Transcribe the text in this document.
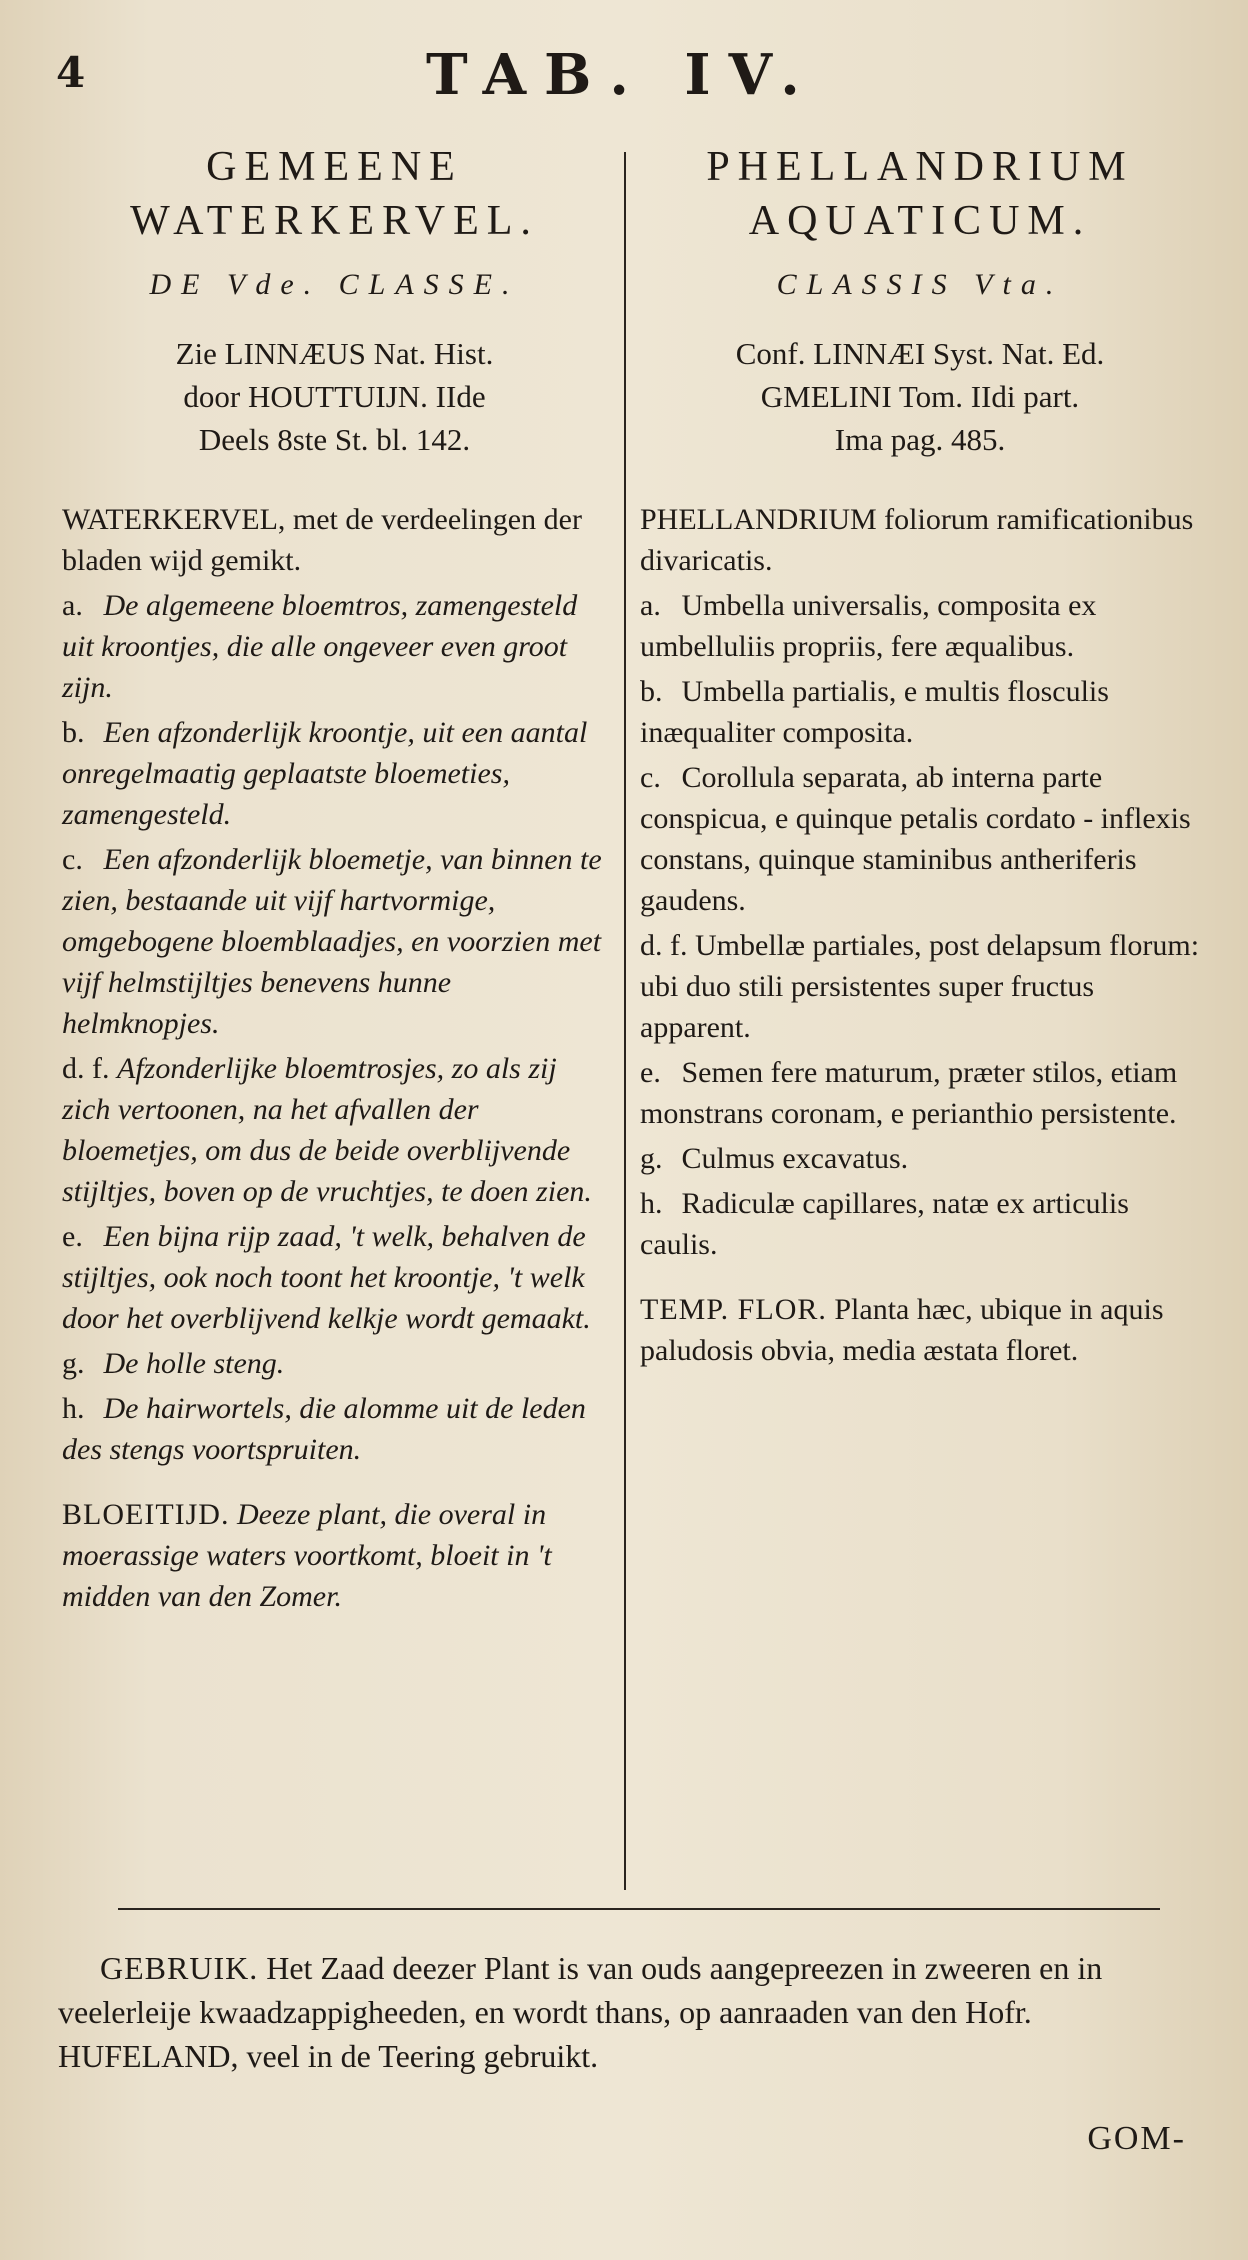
4	TAB. IV.
GEMEENE
WATERKERVEL.
DE Vde. CLASSE.
Zie LINNÆUS Nat. Hist.
door HOUTTUIJN. IIde
Deels 8ste St. bl. 142.
WATERKERVEL, met de verdeelingen der bladen wijd gemikt.
a. De algemeene bloemtros, zamengesteld uit kroontjes, die alle ongeveer even groot zijn.
b. Een afzonderlijk kroontje, uit een aantal onregelmaatig geplaatste bloemeties, zamengesteld.
c. Een afzonderlijk bloemetje, van binnen te zien, bestaande uit vijf hartvormige, omgebogene bloemblaadjes, en voorzien met vijf helmstijltjes benevens hunne helmknopjes.
d. f. Afzonderlijke bloemtrosjes, zo als zij zich vertoonen, na het afvallen der bloemetjes, om dus de beide overblijvende stijltjes, boven op de vruchtjes, te doen zien.
e. Een bijna rijp zaad, 't welk, behalven de stijltjes, ook noch toont het kroontje, 't welk door het overblijvend kelkje wordt gemaakt.
g. De holle steng.
h. De hairwortels, die alomme uit de leden des stengs voortspruiten.
BLOEITIJD. Deeze plant, die overal in moerassige waters voortkomt, bloeit in 't midden van den Zomer.
PHELLANDRIUM
AQUATICUM.
CLASSIS Vta.
Conf. LINNÆI Syst. Nat. Ed.
GMELINI Tom. IIdi part.
Ima pag. 485.
PHELLANDRIUM foliorum ramificationibus divaricatis.
a. Umbella universalis, composita ex umbelluliis propriis, fere æqualibus.
b. Umbella partialis, e multis flosculis inæqualiter composita.
c. Corollula separata, ab interna parte conspicua, e quinque petalis cordato - inflexis constans, quinque staminibus antheriferis gaudens.
d. f. Umbellæ partiales, post delapsum florum: ubi duo stili persistentes super fructus apparent.
e. Semen fere maturum, præter stilos, etiam monstrans coronam, e perianthio persistente.
g. Culmus excavatus.
h. Radiculæ capillares, natæ ex articulis caulis.
TEMP. FLOR. Planta hæc, ubique in aquis paludosis obvia, media æstata floret.
GEBRUIK. Het Zaad deezer Plant is van ouds aangepreezen in zweeren en in veelerleije kwaadzappigheeden, en wordt thans, op aanraaden van den Hofr. HUFELAND, veel in de Teering gebruikt.
GOM-
